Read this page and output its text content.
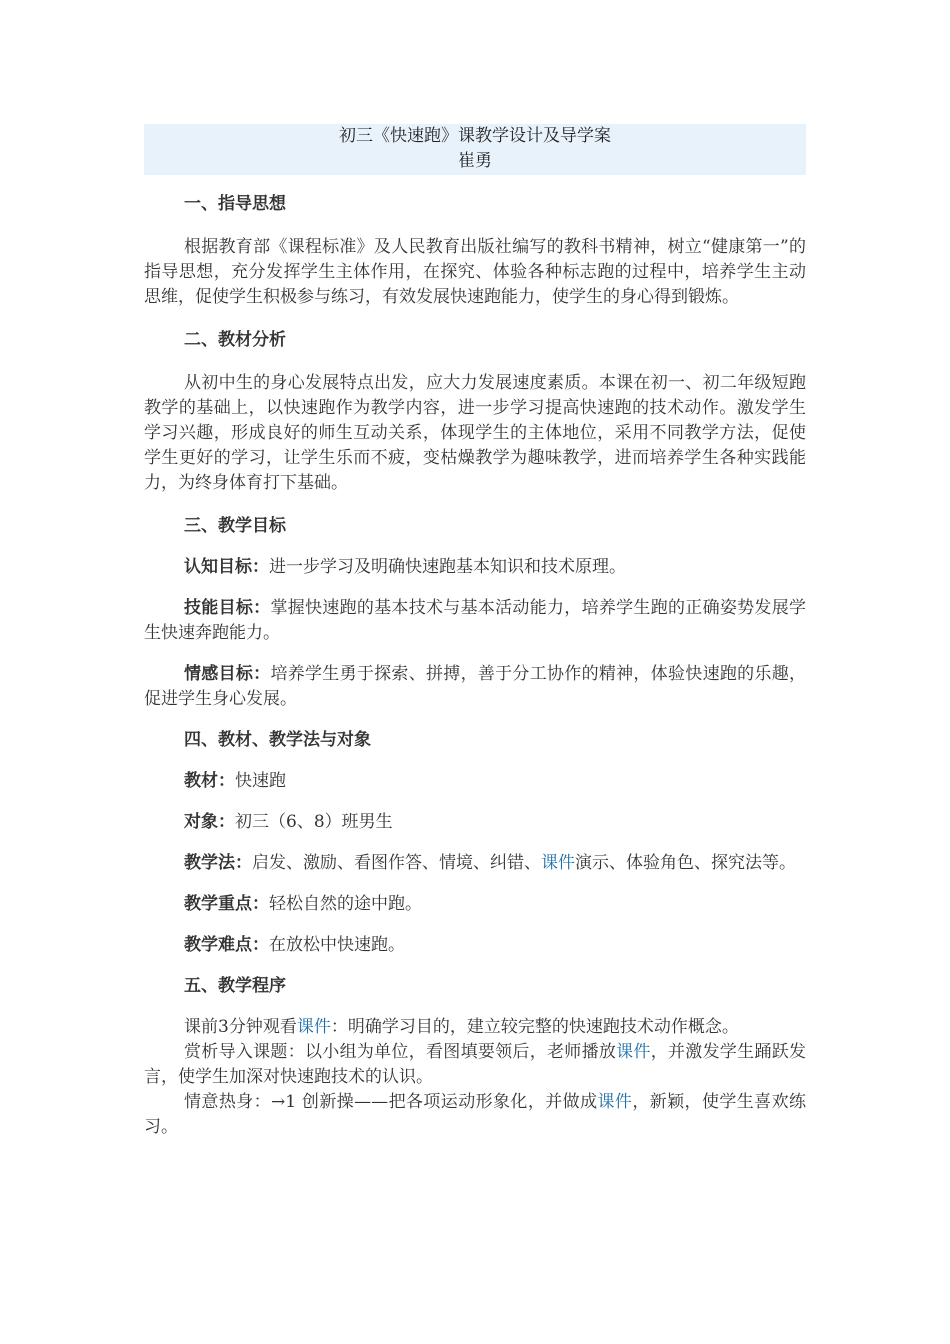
初三《快速跑》课教学设计及导学案
崔勇

一、指导思想

根据教育部《课程标准》及人民教育出版社编写的教科书精神，树立“健康第一”的指导思想，充分发挥学生主体作用，在探究、体验各种标志跑的过程中，培养学生主动思维，促使学生积极参与练习，有效发展快速跑能力，使学生的身心得到锻炼。

二、教材分析

从初中生的身心发展特点出发，应大力发展速度素质。本课在初一、初二年级短跑教学的基础上，以快速跑作为教学内容，进一步学习提高快速跑的技术动作。激发学生学习兴趣，形成良好的师生互动关系，体现学生的主体地位，采用不同教学方法，促使学生更好的学习，让学生乐而不疲，变枯燥教学为趣味教学，进而培养学生各种实践能力，为终身体育打下基础。

三、教学目标

认知目标：进一步学习及明确快速跑基本知识和技术原理。

技能目标：掌握快速跑的基本技术与基本活动能力，培养学生跑的正确姿势发展学生快速奔跑能力。

情感目标：培养学生勇于探索、拼搏，善于分工协作的精神，体验快速跑的乐趣，促进学生身心发展。

四、教材、教学法与对象

教材：快速跑

对象：初三（6、8）班男生

教学法：启发、激励、看图作答、情境、纠错、课件演示、体验角色、探究法等。

教学重点：轻松自然的途中跑。

教学难点：在放松中快速跑。

五、教学程序

课前3分钟观看课件：明确学习目的，建立较完整的快速跑技术动作概念。

赏析导入课题：以小组为单位，看图填要领后，老师播放课件，并激发学生踊跃发言，使学生加深对快速跑技术的认识。

情意热身：→1 创新操——把各项运动形象化，并做成课件，新颖，使学生喜欢练习。
